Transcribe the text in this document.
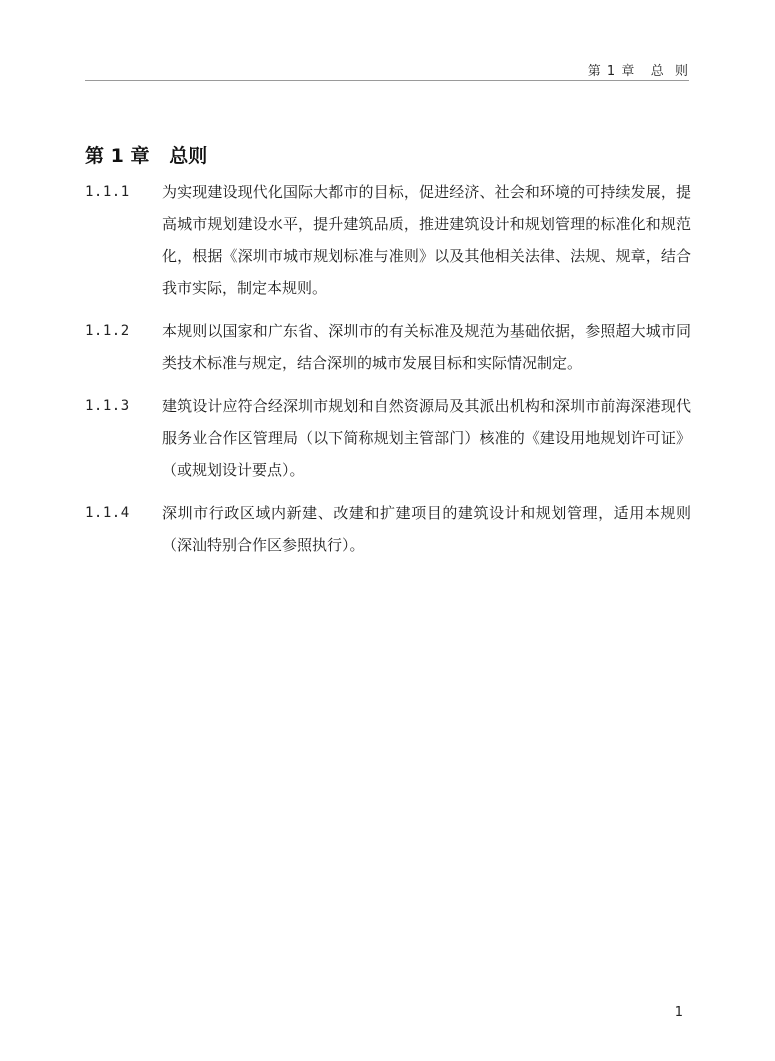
第 1 章   总  则
第 1 章   总则
1.1.1	为实现建设现代化国际大都市的目标，促进经济、社会和环境的可持续发展，提高城市规划建设水平，提升建筑品质，推进建筑设计和规划管理的标准化和规范化，根据《深圳市城市规划标准与准则》以及其他相关法律、法规、规章，结合我市实际，制定本规则。

1.1.2	本规则以国家和广东省、深圳市的有关标准及规范为基础依据，参照超大城市同类技术标准与规定，结合深圳的城市发展目标和实际情况制定。

1.1.3	建筑设计应符合经深圳市规划和自然资源局及其派出机构和深圳市前海深港现代服务业合作区管理局（以下简称规划主管部门）核准的《建设用地规划许可证》（或规划设计要点）。

1.1.4	深圳市行政区域内新建、改建和扩建项目的建筑设计和规划管理，适用本规则（深汕特别合作区参照执行）。

1
